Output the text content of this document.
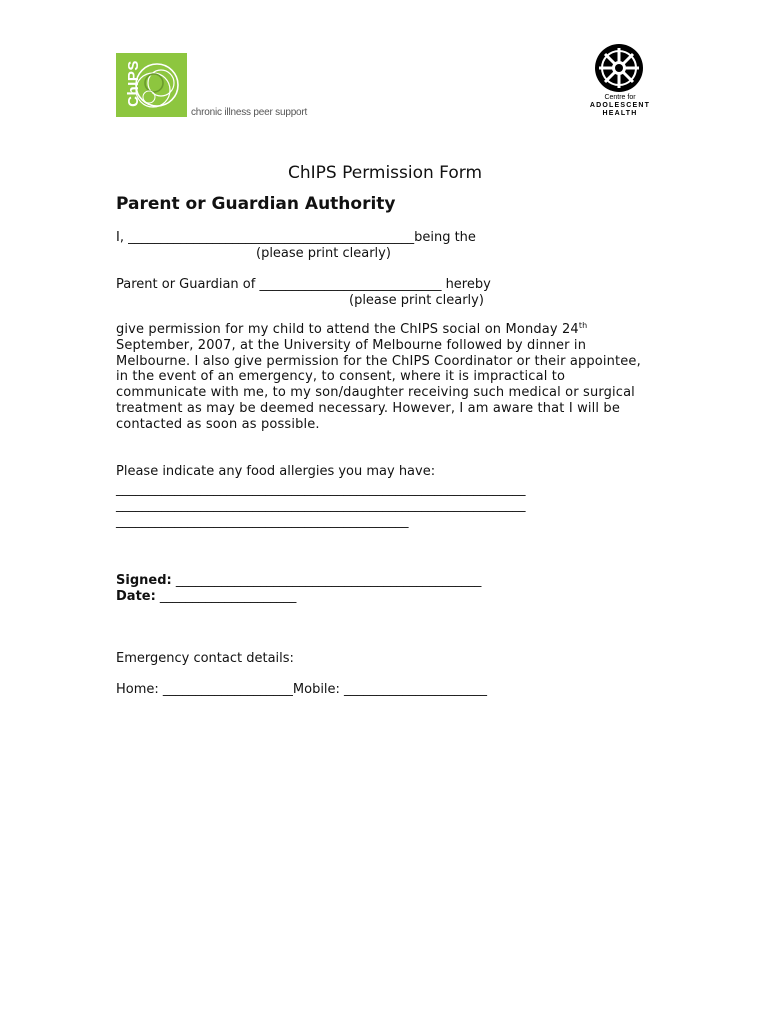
ChIPS
chronic illness peer support
Centre for
ADOLESCENT
HEALTH
ChIPS Permission Form
Parent or Guardian Authority
I, ____________________________________________being the
(please print clearly)
Parent or Guardian of ____________________________ hereby
(please print clearly)
give permission for my child to attend the ChIPS social on Monday 24th September, 2007, at the University of Melbourne followed by dinner in Melbourne. I also give permission for the ChIPS Coordinator or their appointee, in the event of an emergency, to consent, where it is impractical to communicate with me, to my son/daughter receiving such medical or surgical treatment as may be deemed necessary. However, I am aware that I will be contacted as soon as possible.
Please indicate any food allergies you may have:
_______________________________________________________________
_______________________________________________________________
_____________________________________________
Signed: _______________________________________________
Date: _____________________
Emergency contact details:
Home: ____________________Mobile: ______________________
